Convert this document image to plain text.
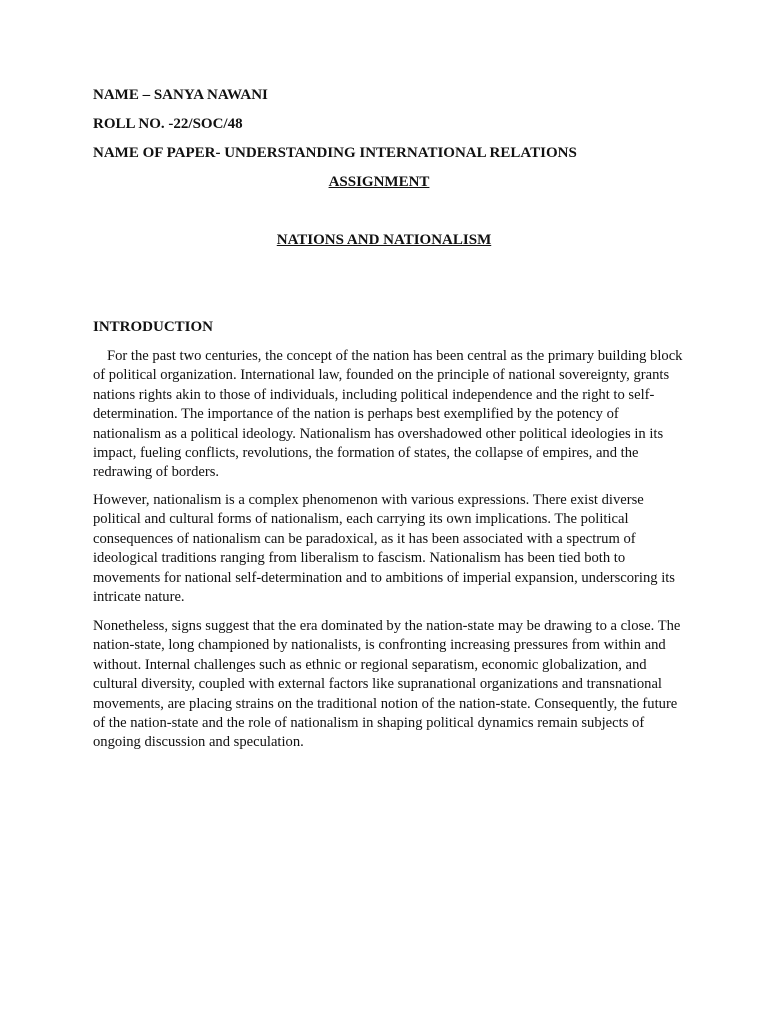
NAME – SANYA NAWANI
ROLL NO. -22/SOC/48
NAME OF PAPER- UNDERSTANDING INTERNATIONAL RELATIONS
ASSIGNMENT
NATIONS AND NATIONALISM
INTRODUCTION

For the past two centuries, the concept of the nation has been central as the primary building block of political organization. International law, founded on the principle of national sovereignty, grants nations rights akin to those of individuals, including political independence and the right to self-determination. The importance of the nation is perhaps best exemplified by the potency of nationalism as a political ideology. Nationalism has overshadowed other political ideologies in its impact, fueling conflicts, revolutions, the formation of states, the collapse of empires, and the redrawing of borders.

However, nationalism is a complex phenomenon with various expressions. There exist diverse political and cultural forms of nationalism, each carrying its own implications. The political consequences of nationalism can be paradoxical, as it has been associated with a spectrum of ideological traditions ranging from liberalism to fascism. Nationalism has been tied both to movements for national self-determination and to ambitions of imperial expansion, underscoring its intricate nature.

Nonetheless, signs suggest that the era dominated by the nation-state may be drawing to a close. The nation-state, long championed by nationalists, is confronting increasing pressures from within and without. Internal challenges such as ethnic or regional separatism, economic globalization, and cultural diversity, coupled with external factors like supranational organizations and transnational movements, are placing strains on the traditional notion of the nation-state. Consequently, the future of the nation-state and the role of nationalism in shaping political dynamics remain subjects of ongoing discussion and speculation.
